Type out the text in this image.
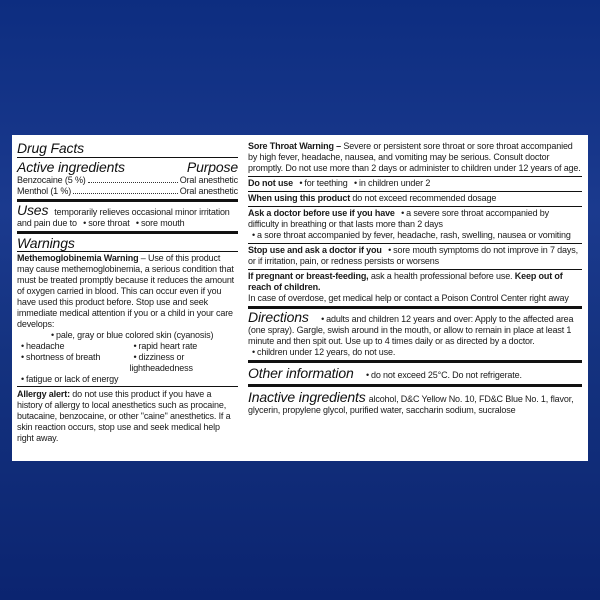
Drug Facts
Active ingredients	Purpose
Benzocaine (5 %)	Oral anesthetic
Menthol (1 %)	Oral anesthetic

Uses temporarily relieves occasional minor irritation and pain due to • sore throat • sore mouth

Warnings

Methemoglobinemia Warning – Use of this product may cause methemoglobinemia, a serious condition that must be treated promptly because it reduces the amount of oxygen carried in blood. This can occur even if you have used this product before. Stop use and seek immediate medical attention if you or a child in your care develops:

• pale, gray or blue colored skin (cyanosis)
• headache	• rapid heart rate
• shortness of breath	• dizziness or lightheadedness
• fatigue or lack of energy

Allergy alert: do not use this product if you have a history of allergy to local anesthetics such as procaine, butacaine, benzocaine, or other "caine" anesthetics. If a skin reaction occurs, stop use and seek medical help right away.

Sore Throat Warning – Severe or persistent sore throat or sore throat accompanied by high fever, headache, nausea, and vomiting may be serious. Consult doctor promptly. Do not use more than 2 days or administer to children under 12 years of age.

Do not use • for teething • in children under 2

When using this product do not exceed recommended dosage

Ask a doctor before use if you have • a severe sore throat accompanied by difficulty in breathing or that lasts more than 2 days

• a sore throat accompanied by fever, headache, rash, swelling, nausea or vomiting

Stop use and ask a doctor if you • sore mouth symptoms do not improve in 7 days, or if irritation, pain, or redness persists or worsens

If pregnant or breast-feeding, ask a health professional before use. Keep out of reach of children.

In case of overdose, get medical help or contact a Poison Control Center right away

Directions • adults and children 12 years and over: Apply to the affected area (one spray). Gargle, swish around in the mouth, or allow to remain in place at least 1 minute and then spit out. Use up to 4 times daily or as directed by a doctor.

• children under 12 years, do not use.

Other information • do not exceed 25°C. Do not refrigerate.

Inactive ingredients alcohol, D&C Yellow No. 10, FD&C Blue No. 1, flavor, glycerin, propylene glycol, purified water, saccharin sodium, sucralose
